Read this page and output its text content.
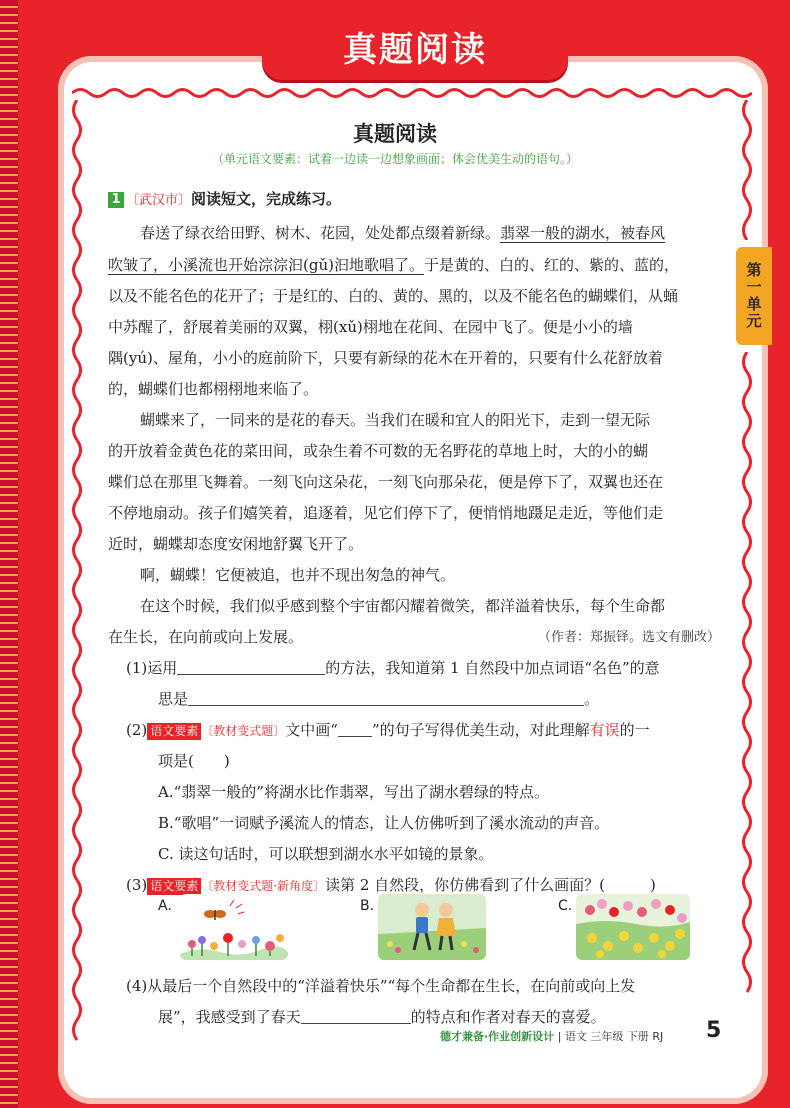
真题阅读
第一单元
真题阅读
（单元语文要素：试着一边读一边想象画面；体会优美生动的语句。）
1 〔武汉市〕阅读短文，完成练习。
春送了绿衣给田野、树木、花园，处处都点缀着新绿。翡翠一般的湖水，被春风
吹皱了，小溪流也开始淙淙汩(gǔ)汩地歌唱了。于是黄的、白的、红的、紫的、蓝的，
以及不能名色的花开了；于是红的、白的、黄的、黑的，以及不能名色的蝴蝶们，从蛹
中苏醒了，舒展着美丽的双翼，栩(xǔ)栩地在花间、在园中飞了。便是小小的墙
隅(yú)、屋角，小小的庭前阶下，只要有新绿的花木在开着的，只要有什么花舒放着
的，蝴蝶们也都栩栩地来临了。
蝴蝶来了，一同来的是花的春天。当我们在暖和宜人的阳光下，走到一望无际
的开放着金黄色花的菜田间，或杂生着不可数的无名野花的草地上时，大的小的蝴
蝶们总在那里飞舞着。一刻飞向这朵花，一刻飞向那朵花，便是停下了，双翼也还在
不停地扇动。孩子们嬉笑着，追逐着，见它们停下了，便悄悄地蹑足走近，等他们走
近时，蝴蝶却态度安闲地舒翼飞开了。
啊，蝴蝶！它便被追，也并不现出匆急的神气。
在这个时候，我们似乎感到整个宇宙都闪耀着微笑，都洋溢着快乐，每个生命都
在生长，在向前或向上发展。	（作者：郑振铎。选文有删改）
(1)运用	的方法，我知道第 1 自然段中加点词语“名色”的意
思是	。
(2) 语文要素 〔教材变式题〕文中画“ ”的句子写得优美生动，对此理解有误的一
项是(　　)
A.“翡翠一般的”将湖水比作翡翠，写出了湖水碧绿的特点。
B.“歌唱”一词赋予溪流人的情态，让人仿佛听到了溪水流动的声音。
C. 读这句话时，可以联想到湖水水平如镜的景象。
(3) 语文要素 〔教材变式题·新角度〕读第 2 自然段，你仿佛看到了什么画面？(　　　)
A.	B.	C.
(4)从最后一个自然段中的“洋溢着快乐”“每个生命都在生长，在向前或向上发
展”，我感受到了春天	的特点和作者对春天的喜爱。
德才兼备·作业创新设计 | 语文 三年级 下册 RJ 5
